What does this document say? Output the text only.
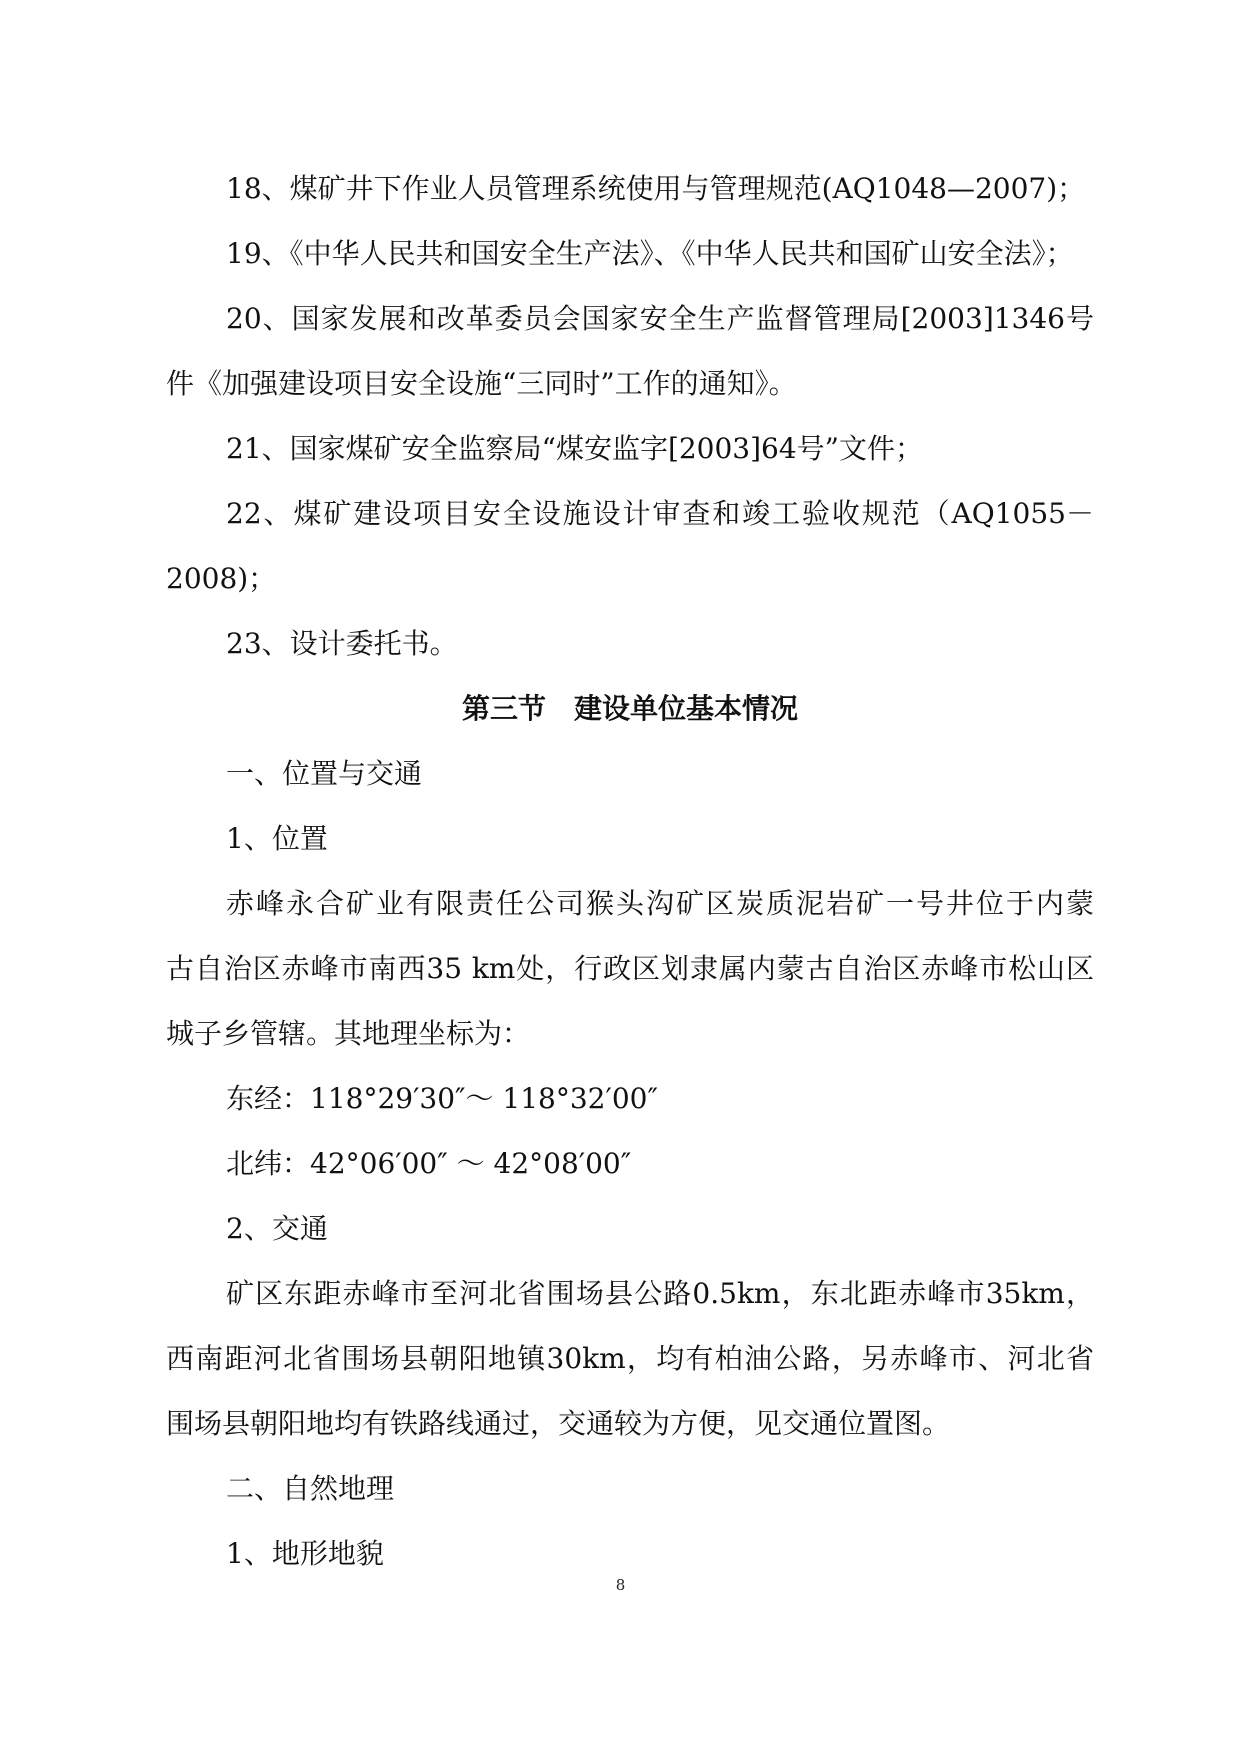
18、煤矿井下作业人员管理系统使用与管理规范(AQ1048—2007)；
19、《中华人民共和国安全生产法》、《中华人民共和国矿山安全法》；
20、国家发展和改革委员会国家安全生产监督管理局[2003]1346号
件《加强建设项目安全设施“三同时”工作的通知》。
21、国家煤矿安全监察局“煤安监字[2003]64号”文件；
22、煤矿建设项目安全设施设计审查和竣工验收规范（AQ1055－
2008)；
23、设计委托书。
第三节　建设单位基本情况
一、位置与交通
1、位置
赤峰永合矿业有限责任公司猴头沟矿区炭质泥岩矿一号井位于内蒙
古自治区赤峰市南西35 km处，行政区划隶属内蒙古自治区赤峰市松山区
城子乡管辖。其地理坐标为：
东经：118°29′30″～ 118°32′00″
北纬：42°06′00″ ～ 42°08′00″
2、交通
矿区东距赤峰市至河北省围场县公路0.5km，东北距赤峰市35km，
西南距河北省围场县朝阳地镇30km，均有柏油公路，另赤峰市、河北省
围场县朝阳地均有铁路线通过，交通较为方便，见交通位置图。
二、自然地理
1、地形地貌
8
